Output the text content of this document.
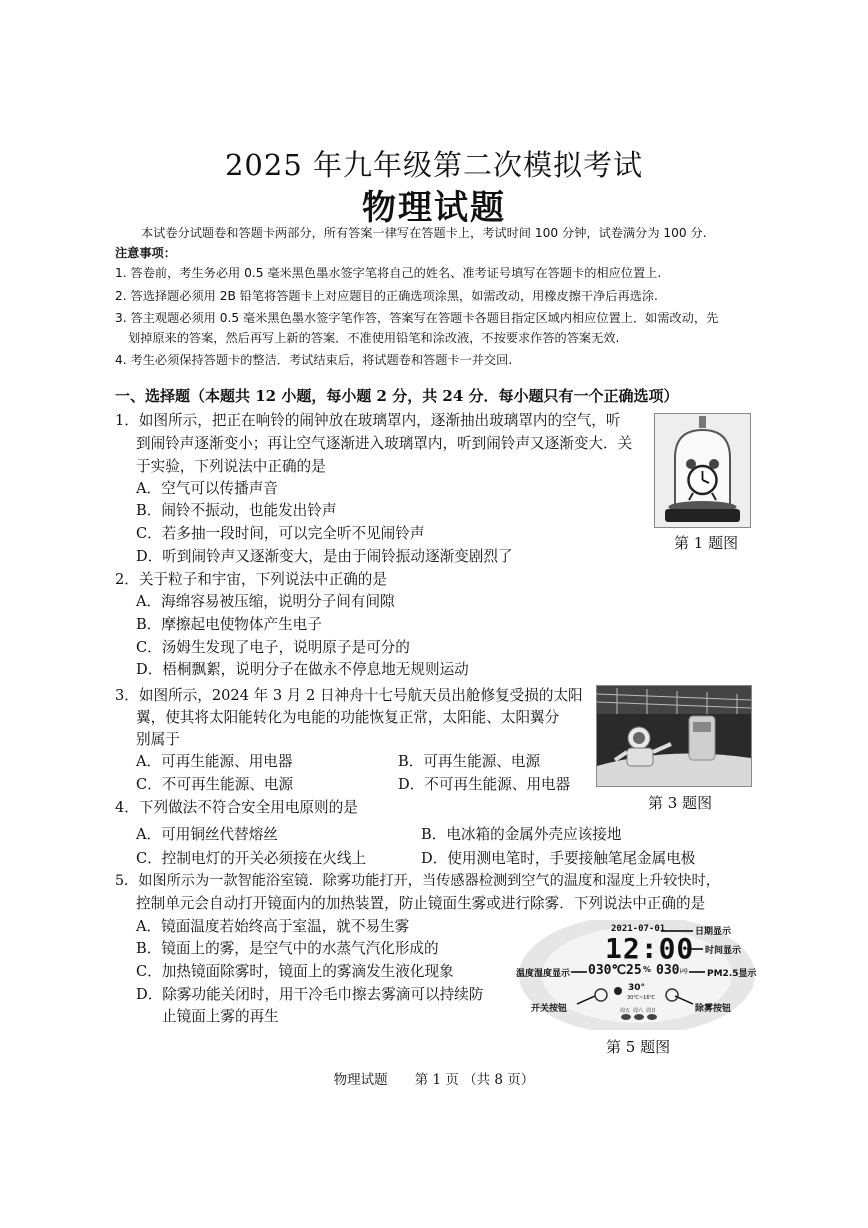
2025 年九年级第二次模拟考试
物理试题
本试卷分试题卷和答题卡两部分，所有答案一律写在答题卡上，考试时间 100 分钟，试卷满分为 100 分.
注意事项：
1. 答卷前，考生务必用 0.5 毫米黑色墨水签字笔将自己的姓名、准考证号填写在答题卡的相应位置上.
2. 答选择题必须用 2B 铅笔将答题卡上对应题目的正确选项涂黑，如需改动，用橡皮擦干净后再选涂.
3. 答主观题必须用 0.5 毫米黑色墨水签字笔作答，答案写在答题卡各题目指定区域内相应位置上．如需改动，先
划掉原来的答案，然后再写上新的答案．不准使用铅笔和涂改液，不按要求作答的答案无效.
4. 考生必须保持答题卡的整洁．考试结束后，将试题卷和答题卡一并交回.
一、选择题（本题共 12 小题，每小题 2 分，共 24 分．每小题只有一个正确选项）
1．如图所示，把正在响铃的闹钟放在玻璃罩内，逐渐抽出玻璃罩内的空气，听
到闹铃声逐渐变小；再让空气逐渐进入玻璃罩内，听到闹铃声又逐渐变大．关
于实验，下列说法中正确的是
A．空气可以传播声音
B．闹铃不振动，也能发出铃声
C．若多抽一段时间，可以完全听不见闹铃声
D．听到闹铃声又逐渐变大，是由于闹铃振动逐渐变剧烈了
第 1 题图
2．关于粒子和宇宙，下列说法中正确的是
A．海绵容易被压缩，说明分子间有间隙
B．摩擦起电使物体产生电子
C．汤姆生发现了电子，说明原子是可分的
D．梧桐飘絮，说明分子在做永不停息地无规则运动
3．如图所示，2024 年 3 月 2 日神舟十七号航天员出舱修复受损的太阳
翼，使其将太阳能转化为电能的功能恢复正常，太阳能、太阳翼分
别属于
A．可再生能源、用电器	B．可再生能源、电源
C．不可再生能源、电源	D．不可再生能源、用电器
第 3 题图
4．下列做法不符合安全用电原则的是
A．可用铜丝代替熔丝	B．电冰箱的金属外壳应该接地
C．控制电灯的开关必须接在火线上	D．使用测电笔时，手要接触笔尾金属电极
5．如图所示为一款智能浴室镜．除雾功能打开，当传感器检测到空气的温度和湿度上升较快时，
控制单元会自动打开镜面内的加热装置，防止镜面生雾或进行除雾．下列说法中正确的是
A．镜面温度若始终高于室温，就不易生雾
B．镜面上的雾，是空气中的水蒸气汽化形成的
C．加热镜面除雾时，镜面上的雾滴发生液化现象
D．除雾功能关闭时，用干冷毛巾擦去雾滴可以持续防
止镜面上雾的再生
2021-07-01	日期显示
12:00 时间显示
温度湿度显示 030℃ 25 % 030 μg PM2.5显示
30°
30℃~16℃
周五 周六 周日
开关按钮	除雾按钮
第 5 题图
物理试题　　第 1 页 （共 8 页）
